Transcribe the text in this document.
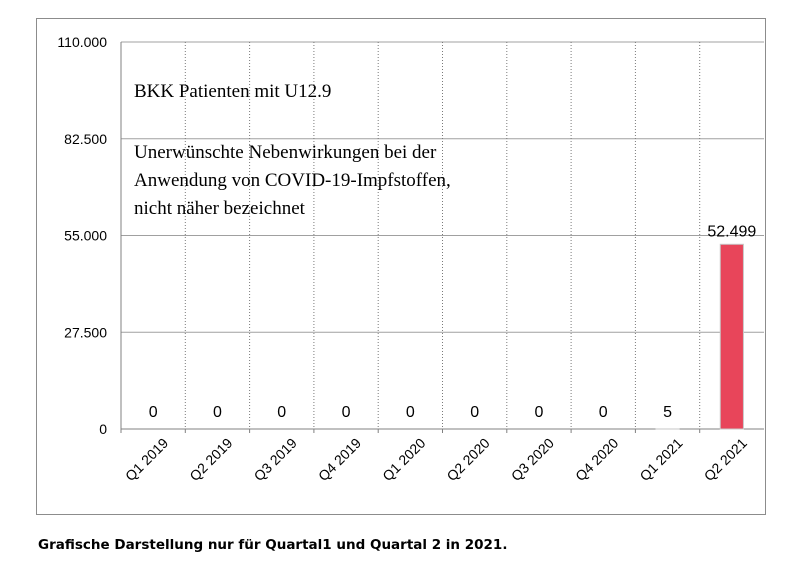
0
27.500
55.000
82.500
110.000
0
Q1 2019
0
Q2 2019
0
Q3 2019
0
Q4 2019
0
Q1 2020
0
Q2 2020
0
Q3 2020
0
Q4 2020
5
Q1 2021
52.499
Q2 2021
BKK Patienten mit U12.9
Unerwünschte Nebenwirkungen bei der
Anwendung von COVID-19-Impfstoffen,
nicht näher bezeichnet
Grafische Darstellung nur für Quartal1 und Quartal 2 in 2021.
